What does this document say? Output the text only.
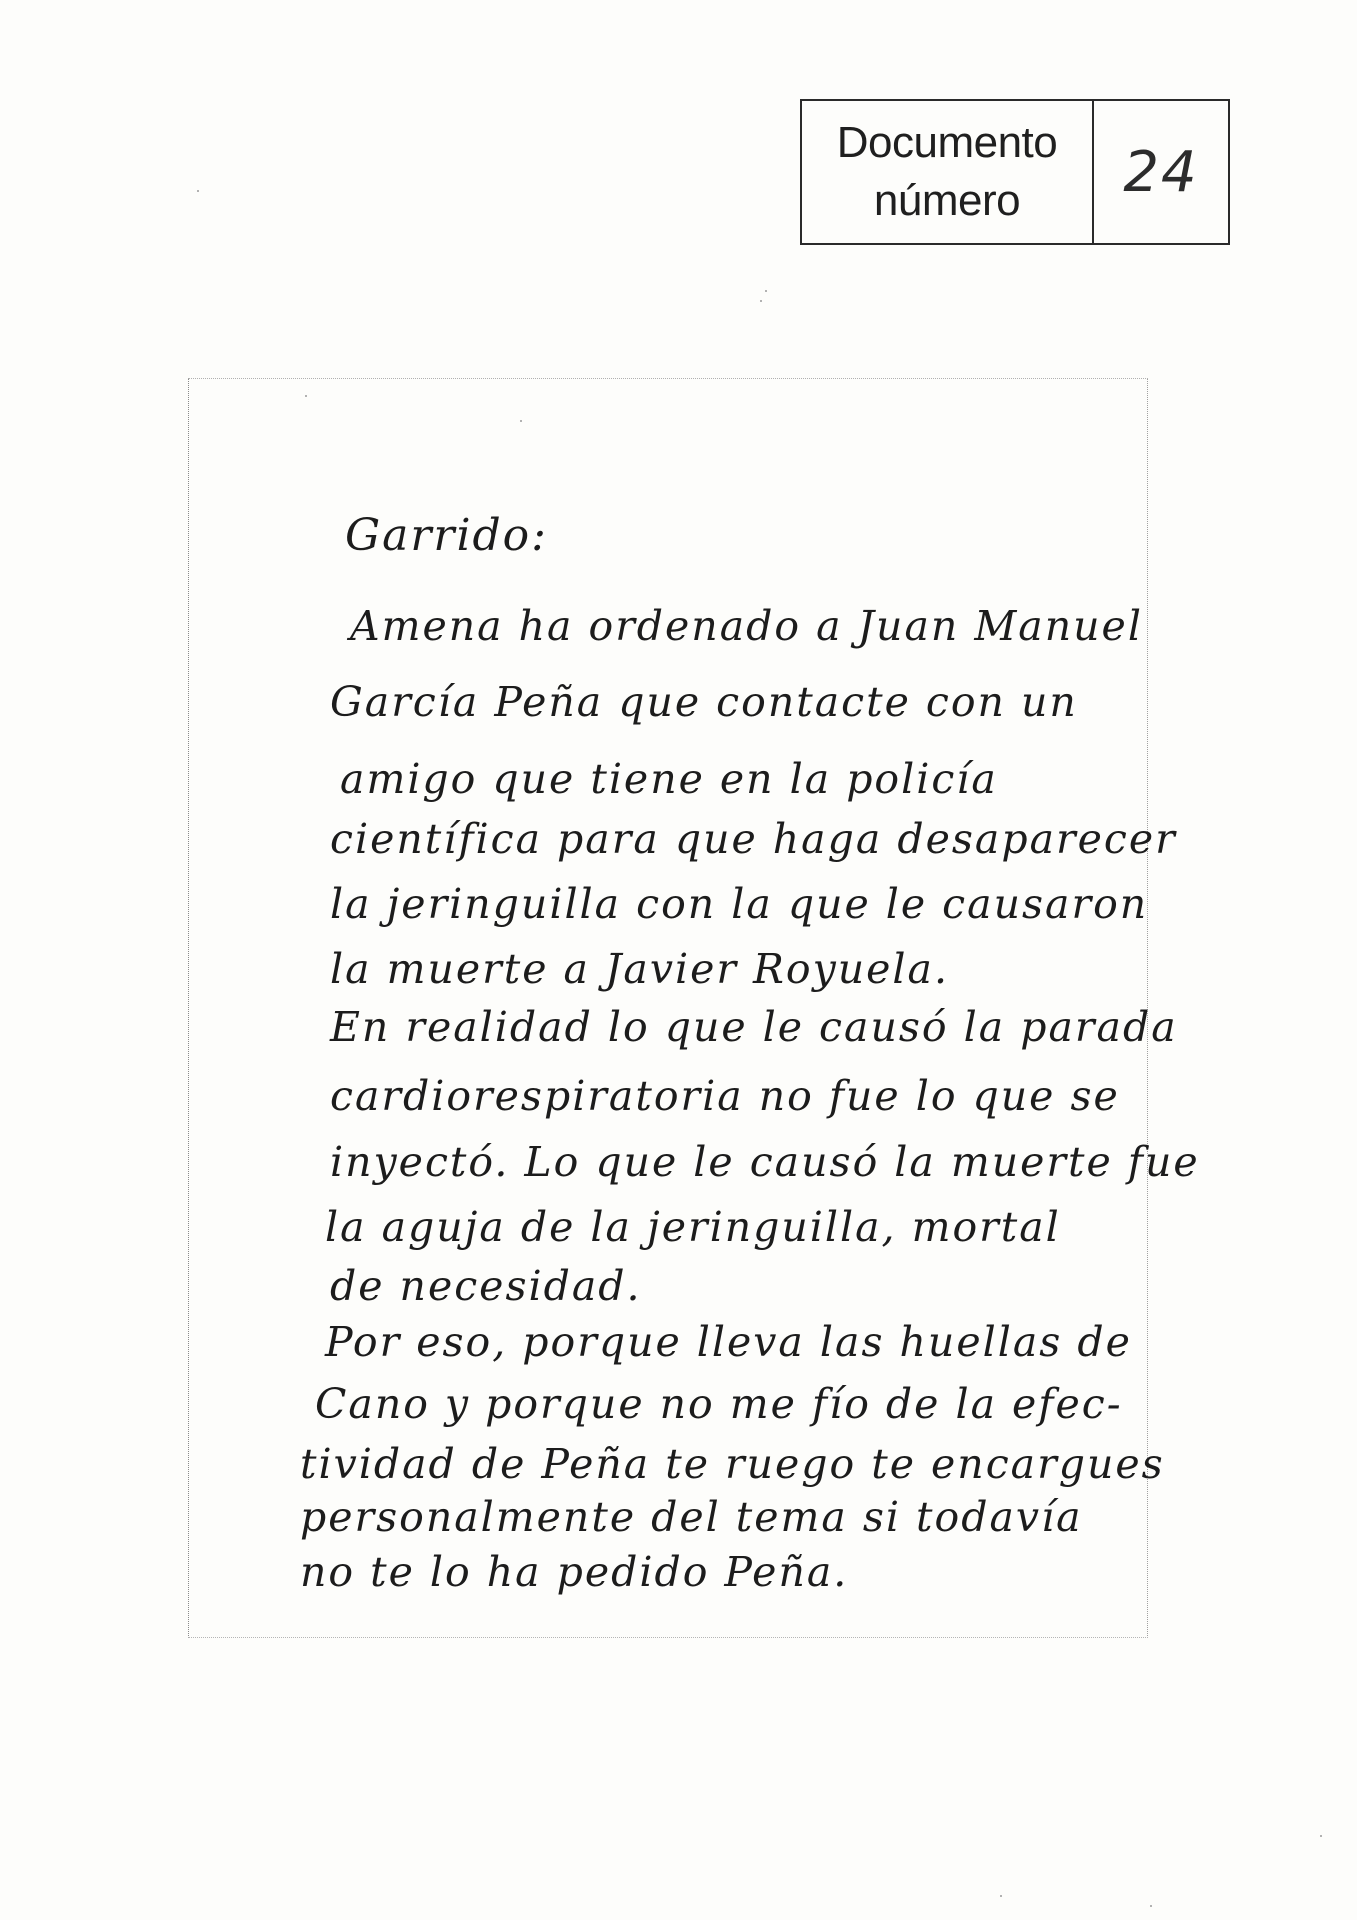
Documento
número	24
Garrido:
Amena ha ordenado a Juan Manuel
García Peña que contacte con un
amigo que tiene en la policía
científica para que haga desaparecer
la jeringuilla con la que le causaron
la muerte a Javier Royuela.
En realidad lo que le causó la parada
cardiorespiratoria no fue lo que se
inyectó. Lo que le causó la muerte fue
la aguja de la jeringuilla, mortal
de necesidad.
Por eso, porque lleva las huellas de
Cano y porque no me fío de la efec-
tividad de Peña te ruego te encargues
personalmente del tema si todavía
no te lo ha pedido Peña.
